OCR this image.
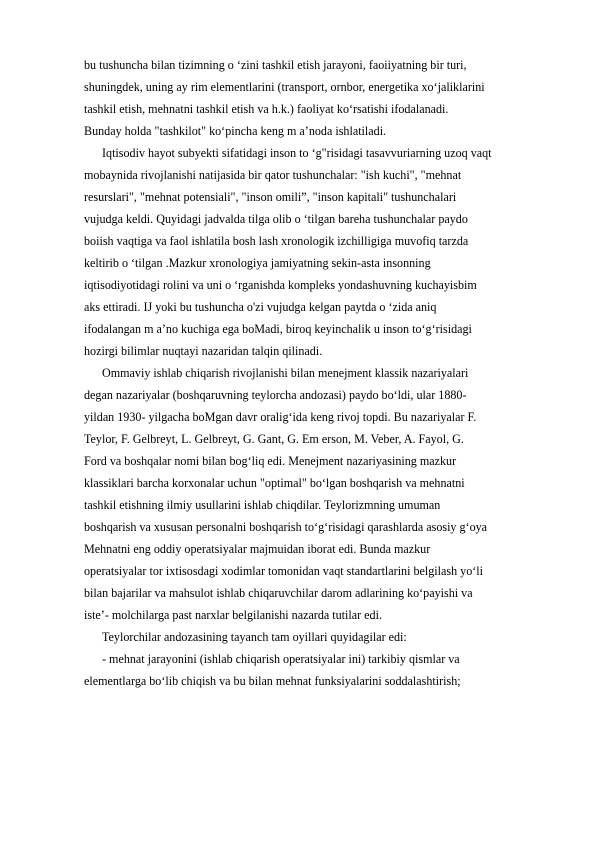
bu tushuncha bilan tizimning o ‘zini tashkil etish jarayoni, faoiiyatning bir turi,
shuningdek, uning ay rim elementlarini (transport, ornbor, energetika xo‘jaliklarini
tashkil etish, mehnatni tashkil etish va h.k.) faoliyat ko‘rsatishi ifodalanadi.
Bunday holda "tashkilot" ko‘pincha keng m a’noda ishlatiladi.
Iqtisodiv hayot subyekti sifatidagi inson to ‘g"risidagi tasavvuriarning uzoq vaqt
mobaynida rivojlanishi natijasida bir qator tushunchalar: "ish kuchi", "mehnat
resurslari", "mehnat potensiali", "inson omili”, "inson kapitali" tushunchalari
vujudga keldi. Quyidagi jadvalda tilga olib o ‘tilgan bareha tushunchalar paydo
boiish vaqtiga va faol ishlatila bosh lash xronologik izchilligiga muvofiq tarzda
keltirib o ‘tilgan .Mazkur xronologiya jamiyatning sekin-asta insonning
iqtisodiyotidagi rolini va uni o ‘rganishda kompleks yondashuvning kuchayisbim
aks ettiradi. IJ yoki bu tushuncha o'zi vujudga kelgan paytda o ‘zida aniq
ifodalangan m a’no kuchiga ega boMadi, biroq keyinchalik u inson to‘g‘risidagi
hozirgi bilimlar nuqtayi nazaridan talqin qilinadi.
Ommaviy ishlab chiqarish rivojlanishi bilan menejment klassik nazariyalari
degan nazariyalar (boshqaruvning teylorcha andozasi) paydo bo‘ldi, ular 1880-
yildan 1930- yilgacha boMgan davr oralig‘ida keng rivoj topdi. Bu nazariyalar F.
Teylor, F. Gelbreyt, L. Gelbreyt, G. Gant, G. Em erson, M. Veber, A. Fayol, G.
Ford va boshqalar nomi bilan bog‘liq edi. Menejment nazariyasining mazkur
klassiklari barcha korxonalar uchun "optimal" bo‘lgan boshqarish va mehnatni
tashkil etishning ilmiy usullarini ishlab chiqdilar. Teylorizmning umuman
boshqarish va xususan personalni boshqarish to‘g‘risidagi qarashlarda asosiy g‘oya
Mehnatni eng oddiy operatsiyalar majmuidan iborat edi. Bunda mazkur
operatsiyalar tor ixtisosdagi xodimlar tomonidan vaqt standartlarini belgilash yo‘li
bilan bajarilar va mahsulot ishlab chiqaruvchilar darom adlarining ko‘payishi va
iste’- molchilarga past narxlar belgilanishi nazarda tutilar edi.
Teylorchilar andozasining tayanch tam oyillari quyidagilar edi:
- mehnat jarayonini (ishlab chiqarish operatsiyalar ini) tarkibiy qismlar va
elementlarga bo‘lib chiqish va bu bilan mehnat funksiyalarini soddalashtirish;
